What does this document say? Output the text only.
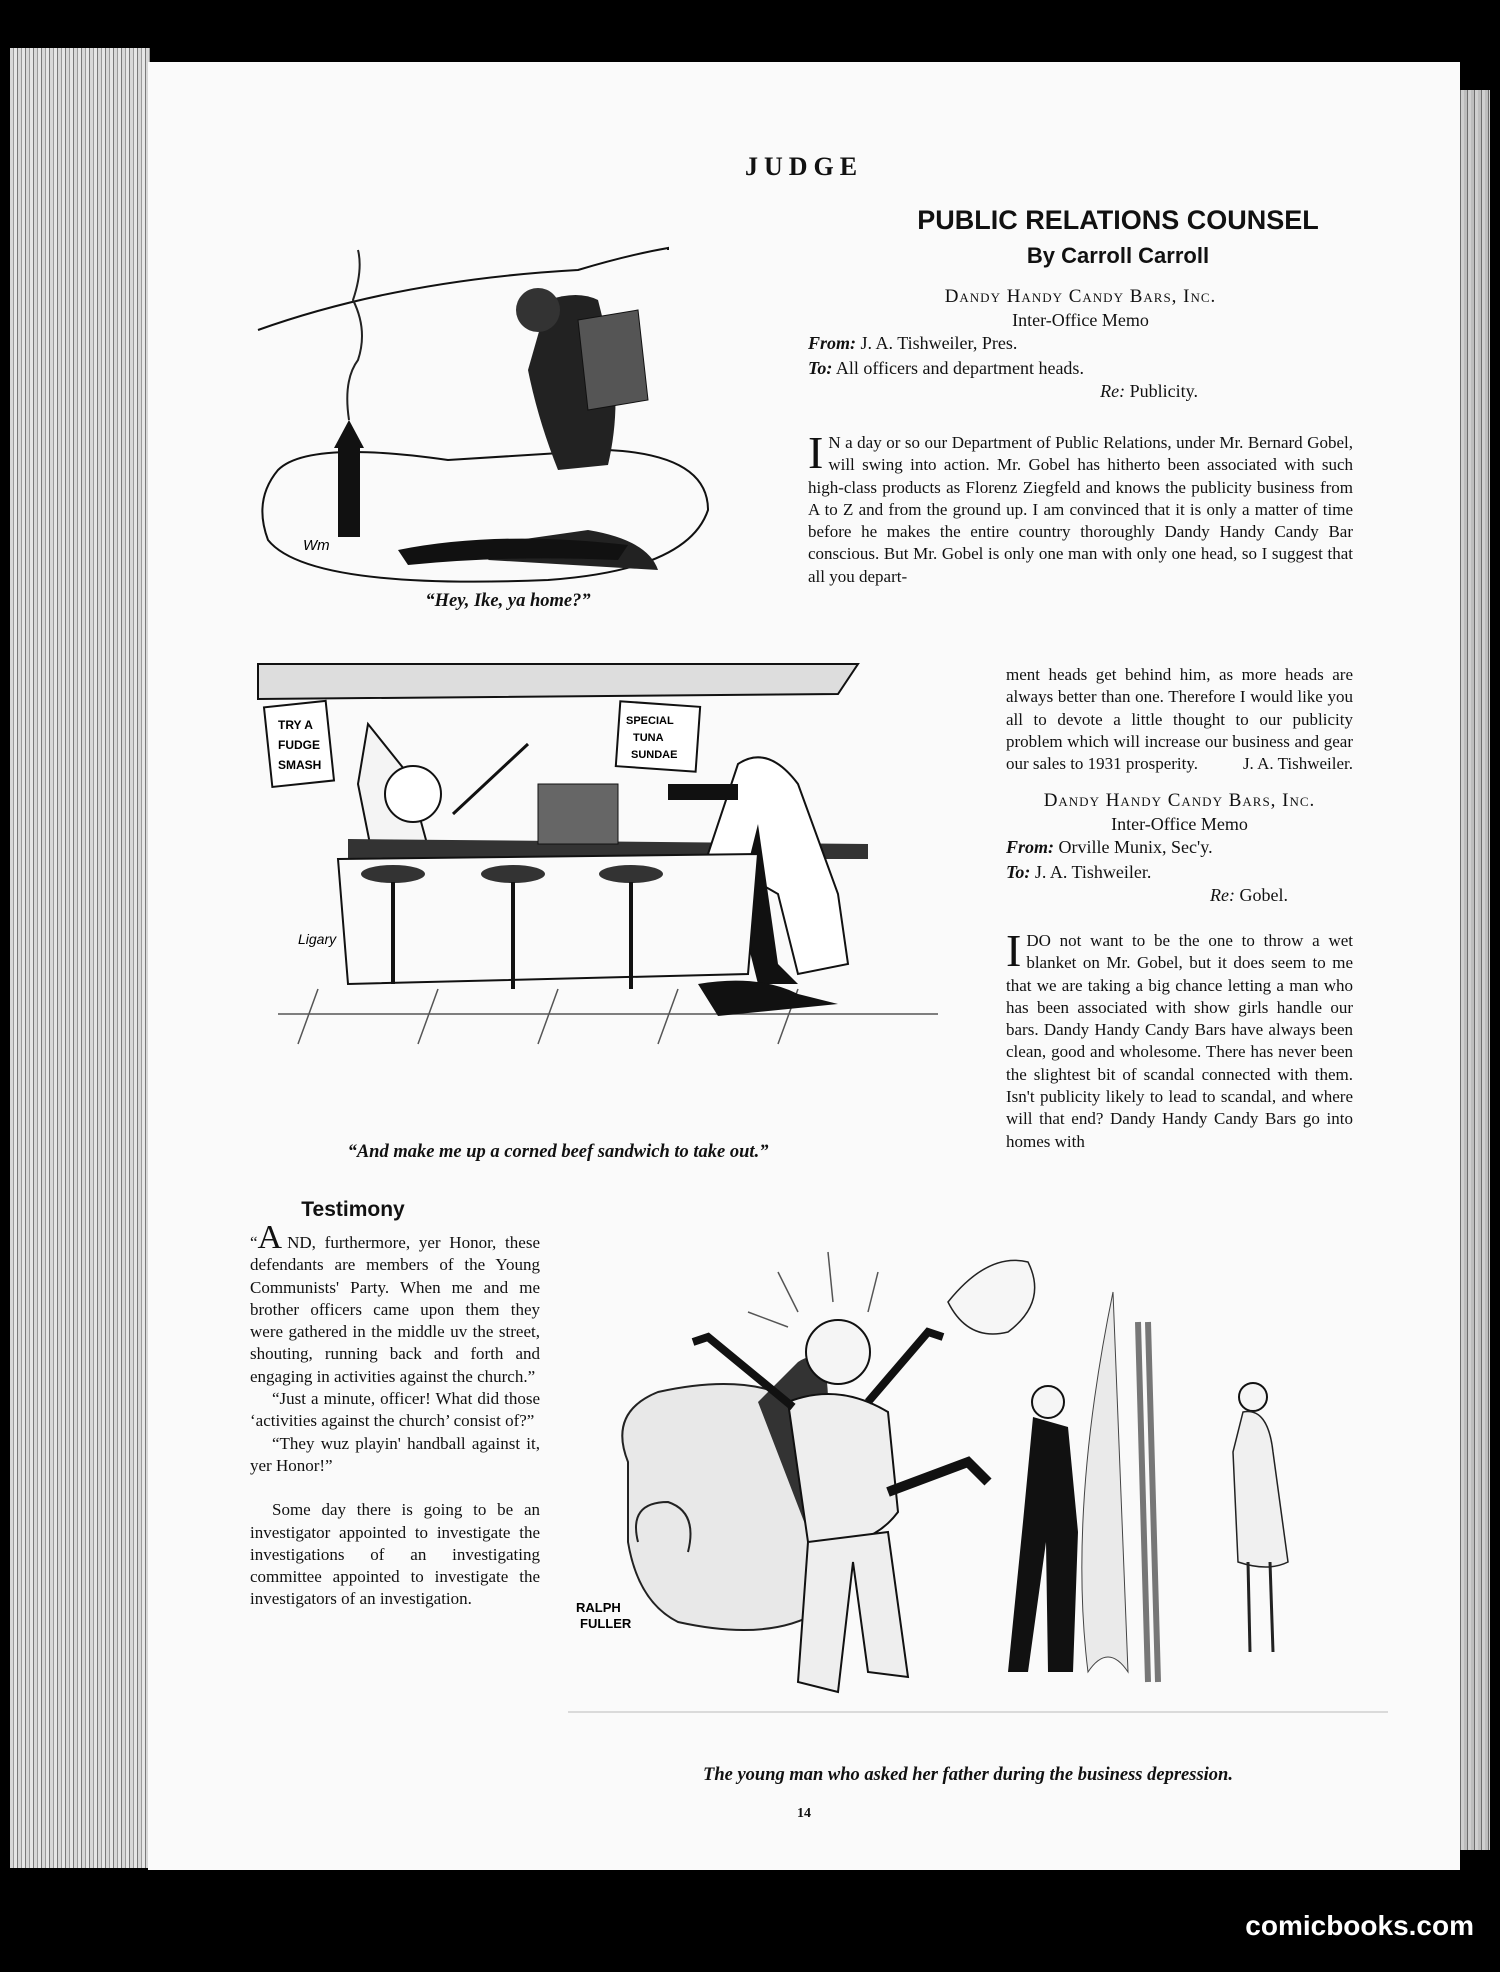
JUDGE
Wm
“Hey, Ike, ya home?”
TRY A
FUDGE
SMASH
SPECIAL
TUNA
SUNDAE
Ligary
“And make me up a corned beef sandwich to take out.”
PUBLIC RELATIONS COUNSEL
By Carroll Carroll
Dandy Handy Candy Bars, Inc.
Inter-Office Memo
From: J. A. Tishweiler, Pres.
To: All officers and department heads.
Re: Publicity.
I N a day or so our Department of Public Relations, under Mr. Bernard Gobel, will swing into action. Mr. Gobel has hitherto been associated with such high-class products as Florenz Ziegfeld and knows the publicity business from A to Z and from the ground up. I am convinced that it is only a matter of time before he makes the entire country thoroughly Dandy Handy Candy Bar conscious. But Mr. Gobel is only one man with only one head, so I suggest that all you depart-
ment heads get behind him, as more heads are always better than one. Therefore I would like you all to devote a little thought to our publicity problem which will increase our business and gear our sales to 1931 prosperity.	J. A. Tishweiler.
Dandy Handy Candy Bars, Inc.
Inter-Office Memo
From: Orville Munix, Sec'y.
To: J. A. Tishweiler.
Re: Gobel.
IDO not want to be the one to throw a wet blanket on Mr. Gobel, but it does seem to me that we are taking a big chance letting a man who has been associated with show girls handle our bars. Dandy Handy Candy Bars have always been clean, good and wholesome. There has never been the slightest bit of scandal connected with them. Isn't publicity likely to lead to scandal, and where will that end? Dandy Handy Candy Bars go into homes with
Testimony

“A ND, furthermore, yer Honor, these defendants are members of the Young Communists' Party. When me and me brother officers came upon them they were gathered in the middle uv the street, shouting, running back and forth and engaging in activities against the church.”

“Just a minute, officer! What did those ‘activities against the church’ consist of?”

“They wuz playin' handball against it, yer Honor!”

Some day there is going to be an investigator appointed to investigate the investigations of an investigating committee appointed to investigate the investigators of an investigation.	RALPH
FULLER
The young man who asked her father during the business depression.
14
comicbooks.com
